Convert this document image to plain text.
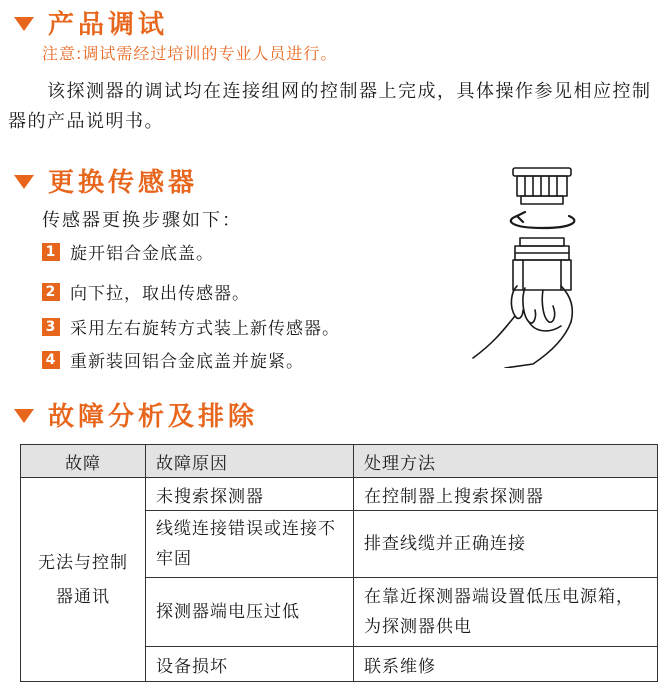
产品调试
注意:调试需经过培训的专业人员进行。
　　该探测器的调试均在连接组网的控制器上完成，具体操作参见相应控制器的产品说明书。
更换传感器
传感器更换步骤如下：
1 旋开铝合金底盖。
2 向下拉，取出传感器。
3 采用左右旋转方式装上新传感器。
4 重新装回铝合金底盖并旋紧。
故障分析及排除
故障	故障原因	处理方法
无法与控制器通讯	未搜索探测器	在控制器上搜索探测器
	线缆连接错误或连接不牢固	排查线缆并正确连接
	探测器端电压过低	在靠近探测器端设置低压电源箱，为探测器供电
	设备损坏	联系维修
